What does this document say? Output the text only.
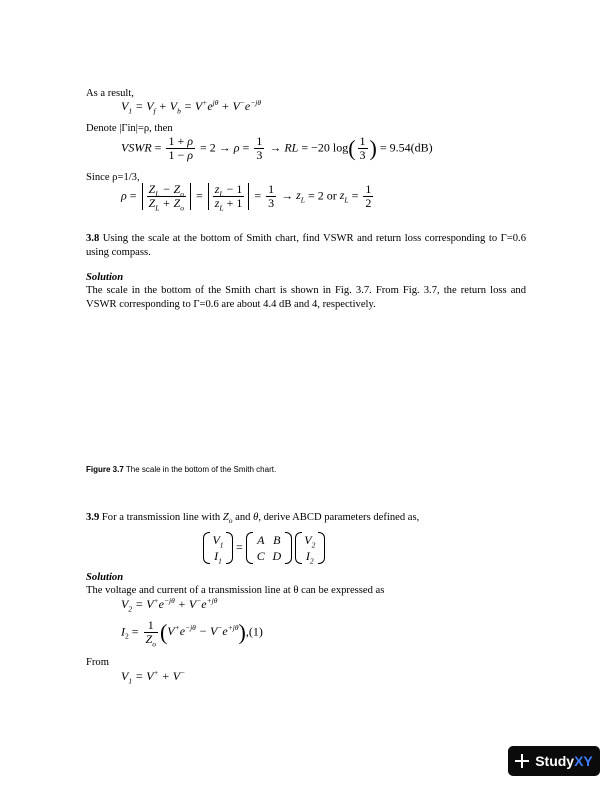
As a result,
$V_1 = V_f + V_b = V^+e^{j\theta} + V^-e^{-j\theta}$
Denote |Γin|=ρ, then
VSWR = $\frac{1 + \rho}{1 - \rho} = 2 \to \rho = \frac{1}{3}$ → RL = −20 $\log( \frac{1}{3}$ ) = 9.54(dB)
Since ρ=1/3,
$\rho = \frac{Z_L - Z_o}{Z_L + Z_o} = \frac{z_L - 1}{z_L + 1} = \frac{1}{3} \to z_L = 2$ or $z_L = \frac{1}{2}$
3.8 Using the scale at the bottom of Smith chart, find VSWR and return loss corresponding to Γ=0.6 using compass.
Solution
The scale in the bottom of the Smith chart is shown in Fig. 3.7. From Fig. 3.7, the return loss and VSWR corresponding to Γ=0.6 are about 4.4 dB and 4, respectively.
Figure 3.7 The scale in the bottom of the Smith chart.
3.9 For a transmission line with $Z_o$ and θ, derive ABCD parameters defined as,
$V_1$
$I_1$
=	A B
C D

$V_2$
$I_2$
Solution
The voltage and current of a transmission line at θ can be expressed as
$V_2 = V^+e^{-j\theta} + V^-e^{+j\theta}$
$I_2 = \frac{1}{Z_o} (V^+e^{-j\theta} - V^-e^{+j\theta}),(1)$
From
$V_1 = V^+ + V^-$
StudyXY
